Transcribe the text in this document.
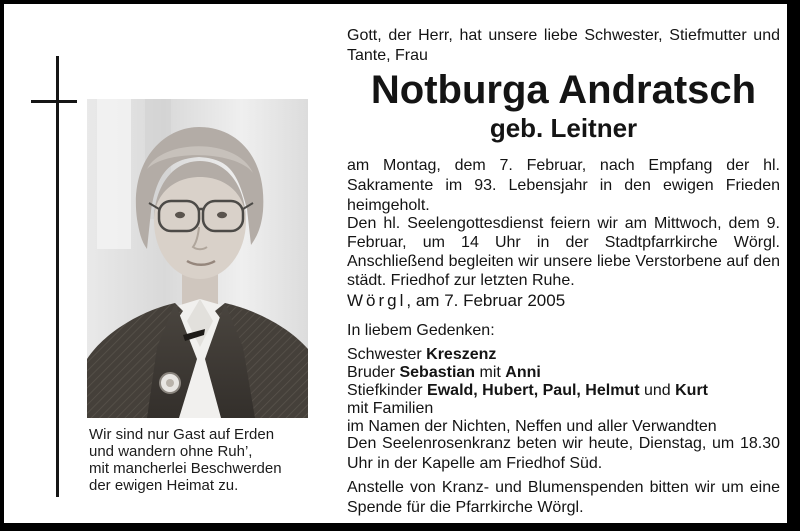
Wir sind nur Gast auf Erden
und wandern ohne Ruh’,
mit mancherlei Beschwerden
der ewigen Heimat zu.

Gott, der Herr, hat unsere liebe Schwester, Stiefmutter und Tante, Frau

Notburga Andratsch
geb. Leitner

am Montag, dem 7. Februar, nach Empfang der hl. Sakramente im 93. Lebensjahr in den ewigen Frieden heimgeholt.

Den hl. Seelengottesdienst feiern wir am Mittwoch, dem 9. Februar, um 14 Uhr in der Stadtpfarrkirche Wörgl. Anschließend begleiten wir unsere liebe Verstorbene auf den städt. Friedhof zur letzten Ruhe.

Wörgl, am 7. Februar 2005

In liebem Gedenken:

Schwester Kreszenz
Bruder Sebastian mit Anni
Stiefkinder Ewald, Hubert, Paul, Helmut und Kurt
mit Familien
im Namen der Nichten, Neffen und aller Verwandten

Den Seelenrosenkranz beten wir heute, Dienstag, um 18.30 Uhr in der Kapelle am Friedhof Süd.

Anstelle von Kranz- und Blumenspenden bitten wir um eine Spende für die Pfarrkirche Wörgl.
